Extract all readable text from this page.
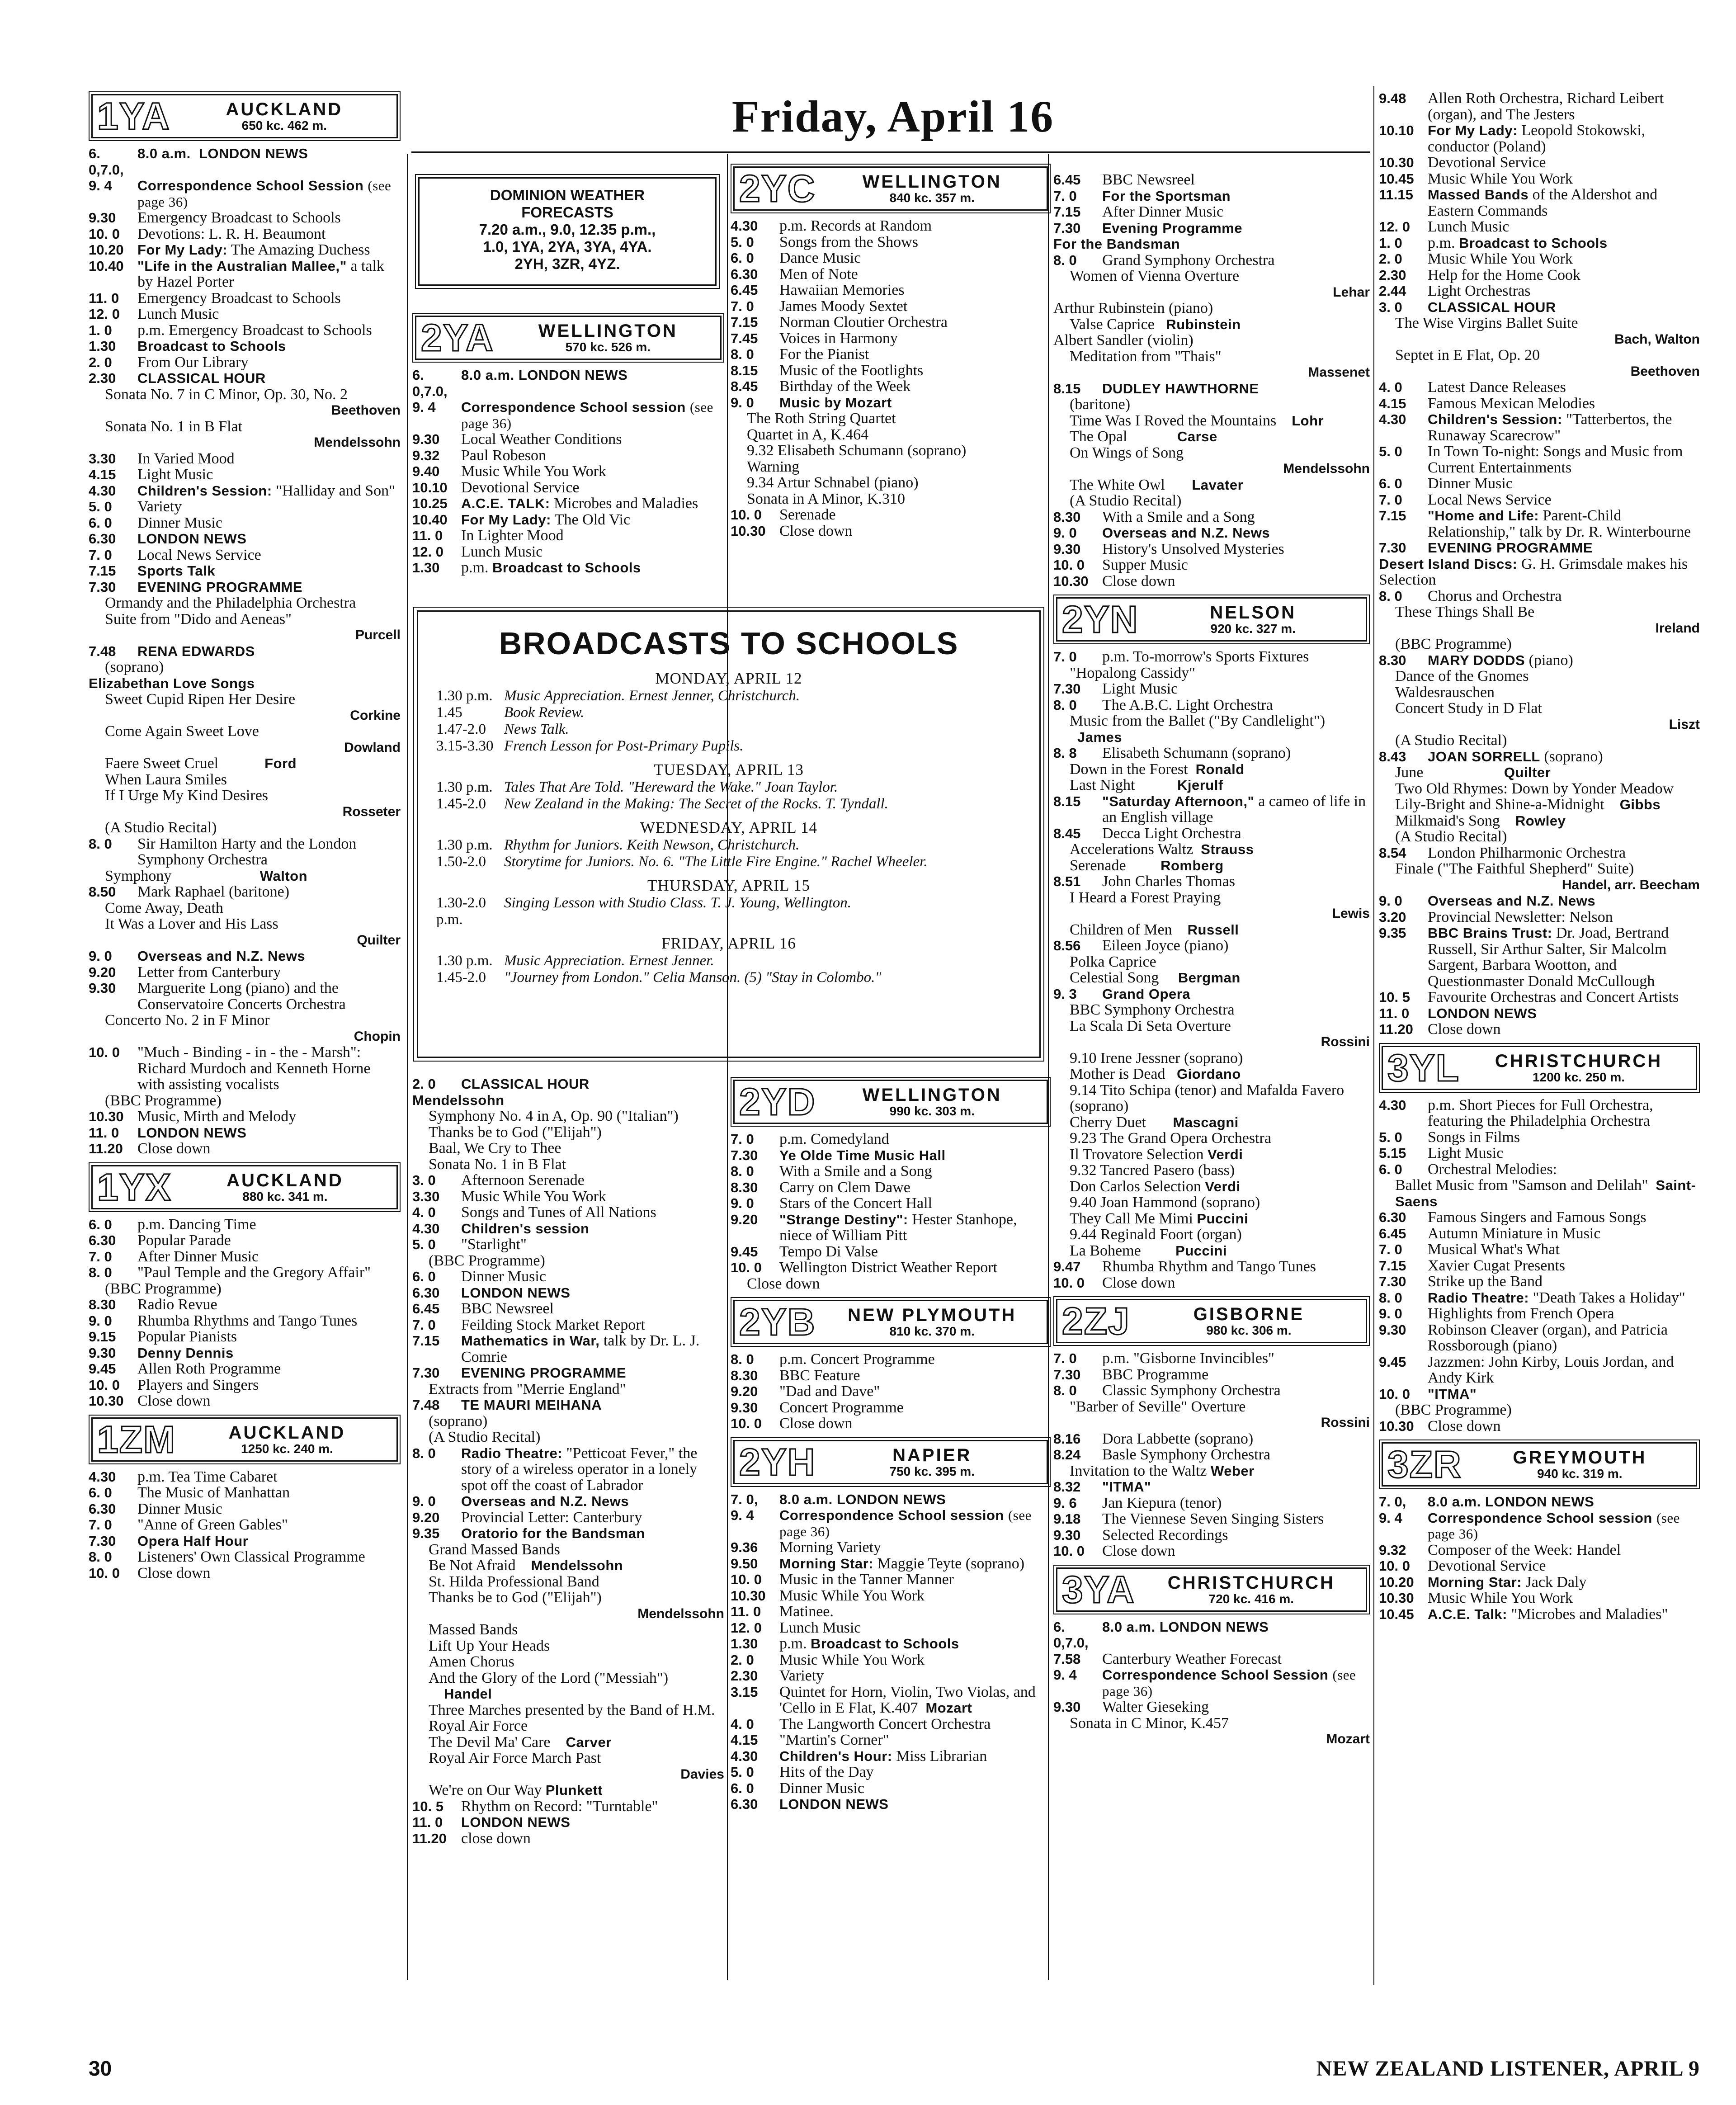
Friday, April 16
DOMINION WEATHER
FORECASTS
7.20 a.m., 9.0, 12.35 p.m.,
1.0, 1YA, 2YA, 3YA, 4YA.
2YH, 3ZR, 4YZ.
1YA	AUCKLAND
650 kc. 462 m.
6. 0,7.0,
8.0 a.m.  LONDON NEWS
9. 4	Correspondence School Session (see page 36)
9.30	Emergency Broadcast to Schools
10. 0	Devotions: L. R. H. Beaumont
10.20 For My Lady: The Amazing Duchess
10.40 "Life in the Australian Mallee," a talk by Hazel Porter
11. 0	Emergency Broadcast to Schools
12. 0	Lunch Music
1. 0	p.m. Emergency Broadcast to Schools
1.30	Broadcast to Schools
2. 0	From Our Library
2.30	CLASSICAL HOUR
Sonata No. 7 in C Minor, Op. 30, No. 2
Beethoven
Sonata No. 1 in B Flat
Mendelssohn
3.30	In Varied Mood
4.15	Light Music
4.30	Children's Session: "Halliday and Son"
5. 0	Variety
6. 0	Dinner Music
6.30	LONDON NEWS
7. 0	Local News Service
7.15	Sports Talk
7.30	EVENING PROGRAMME
Ormandy and the Philadelphia Orchestra
Suite from "Dido and Aeneas"
Purcell
7.48	RENA EDWARDS
(soprano)
Elizabethan Love Songs
Sweet Cupid Ripen Her Desire
Corkine
Come Again Sweet Love
Dowland
Faere Sweet Cruel            Ford
When Laura Smiles
If I Urge My Kind Desires
Rosseter
(A Studio Recital)
8. 0	Sir Hamilton Harty and the London Symphony Orchestra
Symphony                       Walton
8.50	Mark Raphael (baritone)
Come Away, Death
It Was a Lover and His Lass
Quilter
9. 0	Overseas and N.Z. News
9.20	Letter from Canterbury
9.30	Marguerite Long (piano) and the Conservatoire Concerts Orchestra
Concerto No. 2 in F Minor
Chopin
10. 0	"Much - Binding - in - the - Marsh": Richard Murdoch and Kenneth Horne with assisting vocalists
(BBC Programme)
10.30 Music, Mirth and Melody
11. 0	LONDON NEWS
11.20 Close down
1YX	AUCKLAND
880 kc. 341 m.
6. 0	p.m. Dancing Time
6.30	Popular Parade
7. 0	After Dinner Music
8. 0	"Paul Temple and the Gregory Affair"
(BBC Programme)
8.30	Radio Revue
9. 0	Rhumba Rhythms and Tango Tunes
9.15	Popular Pianists
9.30	Denny Dennis
9.45	Allen Roth Programme
10. 0	Players and Singers
10.30 Close down
1ZM	AUCKLAND
1250 kc. 240 m.
4.30	p.m. Tea Time Cabaret
6. 0	The Music of Manhattan
6.30	Dinner Music
7. 0	"Anne of Green Gables"
7.30	Opera Half Hour
8. 0	Listeners' Own Classical Programme
10. 0	Close down
2YA	WELLINGTON
570 kc. 526 m.
6. 0,7.0,
8.0 a.m. LONDON NEWS
9. 4	Correspondence School session (see page 36)
9.30	Local Weather Conditions
9.32	Paul Robeson
9.40	Music While You Work
10.10 Devotional Service
10.25 A.C.E. TALK: Microbes and Maladies
10.40 For My Lady: The Old Vic
11. 0	In Lighter Mood
12. 0	Lunch Music
1.30	p.m. Broadcast to Schools
BROADCASTS TO SCHOOLS
MONDAY, APRIL 12
1.30 p.m. Music Appreciation. Ernest Jenner, Christchurch.
1.45	Book Review.
1.47-2.0	News Talk.
3.15-3.30 French Lesson for Post-Primary Pupils.
TUESDAY, APRIL 13
1.30 p.m. Tales That Are Told. "Hereward the Wake." Joan Taylor.
1.45-2.0	New Zealand in the Making: The Secret of the Rocks. T. Tyndall.
WEDNESDAY, APRIL 14
1.30 p.m. Rhythm for Juniors. Keith Newson, Christchurch.
1.50-2.0	Storytime for Juniors. No. 6. "The Little Fire Engine." Rachel Wheeler.
THURSDAY, APRIL 15
1.30-2.0 p.m.
Singing Lesson with Studio Class. T. J. Young, Wellington.
FRIDAY, APRIL 16
1.30 p.m. Music Appreciation. Ernest Jenner.
1.45-2.0	"Journey from London." Celia Manson. (5) "Stay in Colombo."
2. 0	CLASSICAL HOUR
Mendelssohn
Symphony No. 4 in A, Op. 90 ("Italian")
Thanks be to God ("Elijah")
Baal, We Cry to Thee
Sonata No. 1 in B Flat
3. 0	Afternoon Serenade
3.30	Music While You Work
4. 0	Songs and Tunes of All Nations
4.30	Children's session
5. 0	"Starlight"
(BBC Programme)
6. 0	Dinner Music
6.30	LONDON NEWS
6.45	BBC Newsreel
7. 0	Feilding Stock Market Report
7.15	Mathematics in War, talk by Dr. L. J. Comrie
7.30	EVENING PROGRAMME
Extracts from "Merrie England"
7.48	TE MAURI MEIHANA
(soprano)
(A Studio Recital)
8. 0	Radio Theatre: "Petticoat Fever," the story of a wireless operator in a lonely spot off the coast of Labrador
9. 0	Overseas and N.Z. News
9.20	Provincial Letter: Canterbury
9.35	Oratorio for the Bandsman
Grand Massed Bands
Be Not Afraid    Mendelssohn
St. Hilda Professional Band
Thanks be to God ("Elijah")
Mendelssohn
Massed Bands
Lift Up Your Heads
Amen Chorus
And the Glory of the Lord ("Messiah")     Handel
Three Marches presented by the Band of H.M. Royal Air Force
The Devil Ma' Care    Carver
Royal Air Force March Past
Davies
We're on Our Way Plunkett
10. 5	Rhythm on Record: "Turntable"
11. 0	LONDON NEWS
11.20 close down
2YC	WELLINGTON
840 kc. 357 m.
4.30	p.m. Records at Random
5. 0	Songs from the Shows
6. 0	Dance Music
6.30	Men of Note
6.45	Hawaiian Memories
7. 0	James Moody Sextet
7.15	Norman Cloutier Orchestra
7.45	Voices in Harmony
8. 0	For the Pianist
8.15	Music of the Footlights
8.45	Birthday of the Week
9. 0	Music by Mozart
The Roth String Quartet
Quartet in A, K.464
9.32 Elisabeth Schumann (soprano)
Warning
9.34 Artur Schnabel (piano)
Sonata in A Minor, K.310
10. 0	Serenade
10.30 Close down
2YD	WELLINGTON
990 kc. 303 m.
7. 0	p.m. Comedyland
7.30	Ye Olde Time Music Hall
8. 0	With a Smile and a Song
8.30	Carry on Clem Dawe
9. 0	Stars of the Concert Hall
9.20	"Strange Destiny": Hester Stanhope, niece of William Pitt
9.45	Tempo Di Valse
10. 0	Wellington District Weather Report
Close down
2YB	NEW PLYMOUTH
810 kc. 370 m.
8. 0	p.m. Concert Programme
8.30	BBC Feature
9.20	"Dad and Dave"
9.30	Concert Programme
10. 0	Close down
2YH	NAPIER
750 kc. 395 m.
7. 0,	8.0 a.m. LONDON NEWS
9. 4	Correspondence School session (see page 36)
9.36	Morning Variety
9.50	Morning Star: Maggie Teyte (soprano)
10. 0	Music in the Tanner Manner
10.30 Music While You Work
11. 0	Matinee.
12. 0	Lunch Music
1.30	p.m. Broadcast to Schools
2. 0	Music While You Work
2.30	Variety
3.15	Quintet for Horn, Violin, Two Violas, and 'Cello in E Flat, K.407  Mozart
4. 0	The Langworth Concert Orchestra
4.15	"Martin's Corner"
4.30	Children's Hour: Miss Librarian
5. 0	Hits of the Day
6. 0	Dinner Music
6.30	LONDON NEWS
6.45	BBC Newsreel
7. 0	For the Sportsman
7.15	After Dinner Music
7.30	Evening Programme
For the Bandsman
8. 0	Grand Symphony Orchestra
Women of Vienna Overture
Lehar
Arthur Rubinstein (piano)
Valse Caprice   Rubinstein
Albert Sandler (violin)
Meditation from "Thais"
Massenet
8.15	DUDLEY HAWTHORNE
(baritone)
Time Was I Roved the Mountains    Lohr
The Opal             Carse
On Wings of Song
Mendelssohn
The White Owl       Lavater
(A Studio Recital)
8.30	With a Smile and a Song
9. 0	Overseas and N.Z. News
9.30	History's Unsolved Mysteries
10. 0	Supper Music
10.30 Close down
2YN	NELSON
920 kc. 327 m.
7. 0	p.m. To-morrow's Sports Fixtures
"Hopalong Cassidy"
7.30	Light Music
8. 0	The A.B.C. Light Orchestra
Music from the Ballet ("By Candlelight")   James
8. 8	Elisabeth Schumann (soprano)
Down in the Forest  Ronald
Last Night           Kjerulf
8.15	"Saturday Afternoon," a cameo of life in an English village
8.45	Decca Light Orchestra
Accelerations Waltz  Strauss
Serenade         Romberg
8.51	John Charles Thomas
I Heard a Forest Praying
Lewis
Children of Men    Russell
8.56	Eileen Joyce (piano)
Polka Caprice
Celestial Song     Bergman
9. 3	Grand Opera
BBC Symphony Orchestra
La Scala Di Seta Overture
Rossini
9.10 Irene Jessner (soprano)
Mother is Dead   Giordano
9.14 Tito Schipa (tenor) and Mafalda Favero (soprano)
Cherry Duet       Mascagni
9.23 The Grand Opera Orchestra
Il Trovatore Selection Verdi
9.32 Tancred Pasero (bass)
Don Carlos Selection Verdi
9.40 Joan Hammond (soprano)
They Call Me Mimi Puccini
9.44 Reginald Foort (organ)
La Boheme         Puccini
9.47	Rhumba Rhythm and Tango Tunes
10. 0	Close down
2ZJ	GISBORNE
980 kc. 306 m.
7. 0	p.m. "Gisborne Invincibles"
7.30	BBC Programme
8. 0	Classic Symphony Orchestra
"Barber of Seville" Overture
Rossini
8.16	Dora Labbette (soprano)
8.24	Basle Symphony Orchestra
Invitation to the Waltz Weber
8.32	"ITMA"
9. 6	Jan Kiepura (tenor)
9.18	The Viennese Seven Singing Sisters
9.30	Selected Recordings
10. 0	Close down
3YA	CHRISTCHURCH
720 kc. 416 m.
6. 0,7.0,
8.0 a.m. LONDON NEWS
7.58	Canterbury Weather Forecast
9. 4	Correspondence School Session (see page 36)
9.30	Walter Gieseking
Sonata in C Minor, K.457
Mozart
9.48	Allen Roth Orchestra, Richard Leibert (organ), and The Jesters
10.10 For My Lady: Leopold Stokowski, conductor (Poland)
10.30 Devotional Service
10.45 Music While You Work
11.15	Massed Bands of the Aldershot and Eastern Commands
12. 0	Lunch Music
1. 0	p.m. Broadcast to Schools
2. 0	Music While You Work
2.30	Help for the Home Cook
2.44	Light Orchestras
3. 0	CLASSICAL HOUR
The Wise Virgins Ballet Suite
Bach, Walton
Septet in E Flat, Op. 20
Beethoven
4. 0	Latest Dance Releases
4.15	Famous Mexican Melodies
4.30	Children's Session: "Tatterbertos, the Runaway Scarecrow"
5. 0	In Town To-night: Songs and Music from Current Entertainments
6. 0	Dinner Music
7. 0	Local News Service
7.15	"Home and Life: Parent-Child Relationship," talk by Dr. R. Winterbourne
7.30	EVENING PROGRAMME
Desert Island Discs: G. H. Grimsdale makes his Selection
8. 0	Chorus and Orchestra
These Things Shall Be
Ireland
(BBC Programme)
8.30	MARY DODDS (piano)
Dance of the Gnomes
Waldesrauschen
Concert Study in D Flat
Liszt
(A Studio Recital)
8.43	JOAN SORRELL (soprano)
June                     Quilter
Two Old Rhymes: Down by Yonder Meadow
Lily-Bright and Shine-a-Midnight    Gibbs
Milkmaid's Song    Rowley
(A Studio Recital)
8.54	London Philharmonic Orchestra
Finale ("The Faithful Shepherd" Suite)
Handel, arr. Beecham
9. 0	Overseas and N.Z. News
3.20	Provincial Newsletter: Nelson
9.35	BBC Brains Trust: Dr. Joad, Bertrand Russell, Sir Arthur Salter, Sir Malcolm Sargent, Barbara Wootton, and Questionmaster Donald McCullough
10. 5	Favourite Orchestras and Concert Artists
11. 0	LONDON NEWS
11.20 Close down
3YL	CHRISTCHURCH
1200 kc. 250 m.
4.30	p.m. Short Pieces for Full Orchestra, featuring the Philadelphia Orchestra
5. 0	Songs in Films
5.15	Light Music
6. 0	Orchestral Melodies:
Ballet Music from "Samson and Delilah"  Saint-Saens
6.30	Famous Singers and Famous Songs
6.45	Autumn Miniature in Music
7. 0	Musical What's What
7.15	Xavier Cugat Presents
7.30	Strike up the Band
8. 0	Radio Theatre: "Death Takes a Holiday"
9. 0	Highlights from French Opera
9.30	Robinson Cleaver (organ), and Patricia Rossborough (piano)
9.45	Jazzmen: John Kirby, Louis Jordan, and Andy Kirk
10. 0	"ITMA"
(BBC Programme)
10.30 Close down
3ZR	GREYMOUTH
940 kc. 319 m.
7. 0,	8.0 a.m. LONDON NEWS
9. 4	Correspondence School session (see page 36)
9.32	Composer of the Week: Handel
10. 0	Devotional Service
10.20 Morning Star: Jack Daly
10.30 Music While You Work
10.45 A.C.E. Talk: "Microbes and Maladies"
30	NEW ZEALAND LISTENER, APRIL 9
